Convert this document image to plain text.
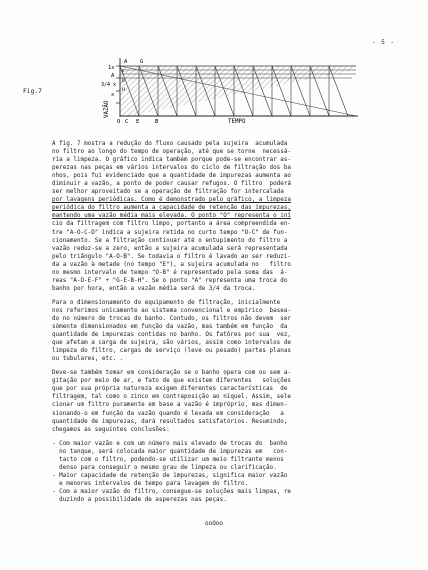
- 5 -
Fig.7
VAZÃO
1x
A
3/4 x
x
A G
F
D
H
O C E	B	TEMPO
A fig. 7 mostra a redução do fluxo causado pela sujeira  acumulada
no filtro ao longo do tempo de operação, até que se torne  necessá-
ria a limpeza. O gráfico indica também porque pode-se encontrar as-
perezas nas peças em vários intervalos do ciclo de filtração dos ba
nhos, pois fui evidenciado que a quantidade de impurezas aumenta ao
diminuir a vazão, a ponto de poder causar refugos. O filtro  poderá
ser melhor aproveitado se a operação de filtração for intercalada
por lavagens periódicas. Como é demonstrado pelo gráfico, a limpeza
periódica do filtro aumenta a capacidade de retenção das impurezas,
mantendo uma vazão média mais elevada. O ponto "O" representa o iní
cio da filtragem com filtro limpo, portanto a área compreendida en-
tre "A-O-C-D" indica a sujeira retida no curto tempo "O-C" de fun-
cionamento. Se a filtração continuar até o entupimento do filtro a
vazão reduz-se a zero, então a sujeira acumulada será representada
pelo triângulo "A-O-B". Se todavia o filtro é lavado ao ser reduzi-
da a vazão à metade (no tempo "E"), a sujeira acumulada no   filtro
no mesmo intervalo de tempo "O-B" é representado pela soma das  á-
reas "A-O-E-F" + "G-E-B-H". Se o ponto "A" representa uma troca do
banho por hora, então a vazão média será de 3/4 da troca.
Para o dimensionamento do equipamento de filtração, inicialmente
nos referimos unicamente ao sistema convencional e empírico  basea-
do no número de trocas do banho. Contudo, os filtros não devem  ser
sòmente dimensionados em função da vazão, mas também em função  da
quantidade de impurezas contidas no banho. Os fatôres por sua  vez,
que afetam a carga de sujeira, são vários, assim como intervalos de
limpeza do filtro, cargas de serviço (leve ou pesado) partes planas
ou tubulares, etc. .
Deve-se também tomar em consideração se o banho opera com ou sem a-
gitação por meio de ar, e fato de que existem diferentes   soluções
que por sua própria natureza exigem diferentes características  de
filtragem, tal como o zinco em contraposição ao níquel. Assim, sele
cionar um filtro puramente em base a vazão é impróprio, mas dimen-
sionando-o em função da vazão quando é levada em consideração   a
quantidade de impurezas, dará resultados satisfatórios. Resumindo,
chegamos as seguintes conclusões:
- Com maior vazão e com um número mais elevado de trocas do  banho
no tanque, será colocada maior quantidade de impurezas em   con-
tacto com o filtro, podendo-se utilizar um meio filtrante menos
denso para conseguir o mesmo grau de limpeza ou clarificação.
- Maior capacidade de retenção de impurezas, significa maior vazão
e menores intervalos de tempo para lavagem do filtro.
- Com a maior vazão do filtro, consegue-se soluções mais limpas, re
duzindo a possibilidade de asperezas nas peças.
ooOoo
